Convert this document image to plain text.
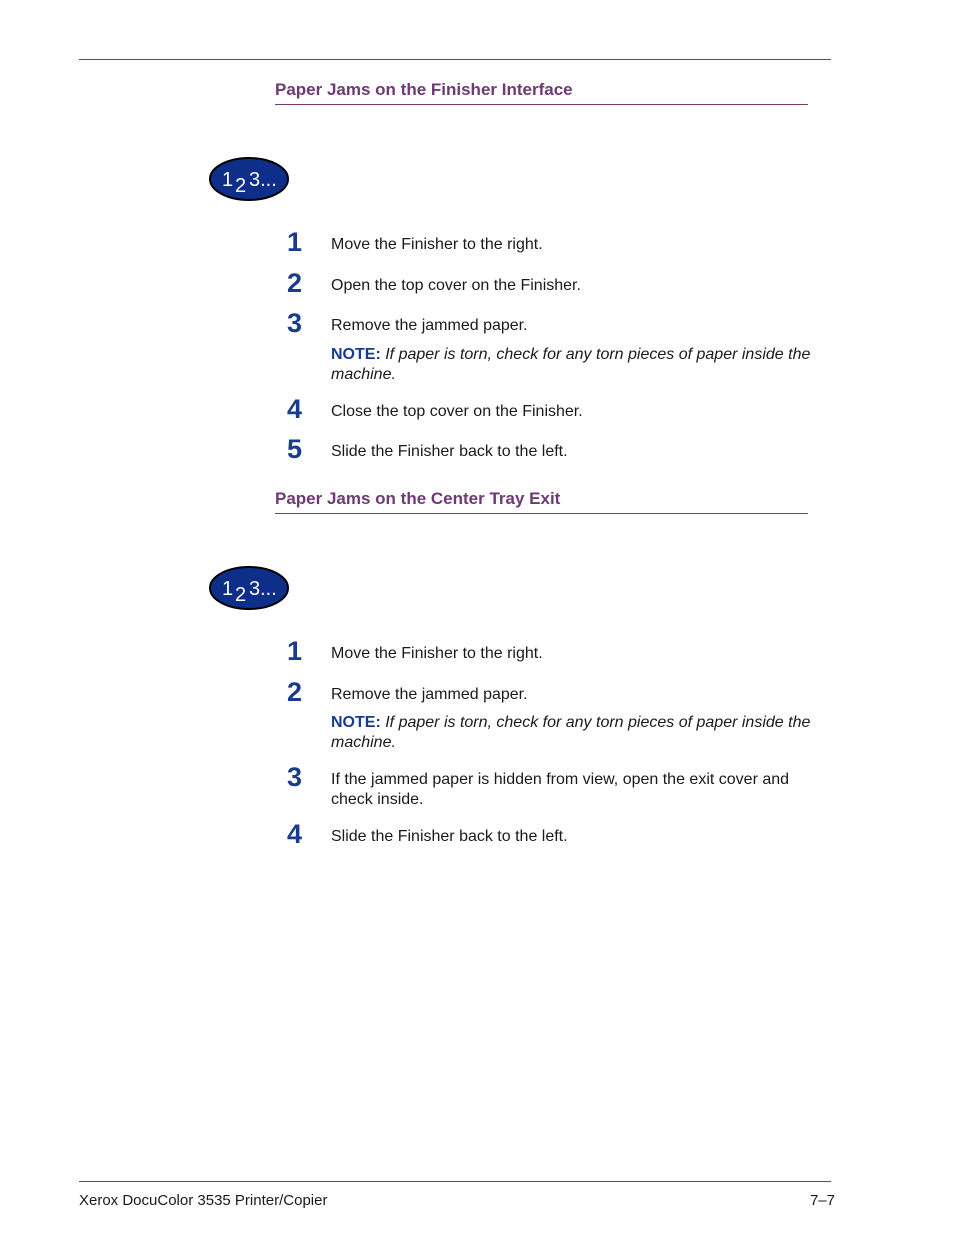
Paper Jams on the Finisher Interface
1 2 3...
1	Move the Finisher to the right.
2	Open the top cover on the Finisher.
3	Remove the jammed paper.
NOTE: If paper is torn, check for any torn pieces of paper inside the machine.
4	Close the top cover on the Finisher.
5	Slide the Finisher back to the left.
Paper Jams on the Center Tray Exit
1 2 3...
1	Move the Finisher to the right.
2	Remove the jammed paper.
NOTE: If paper is torn, check for any torn pieces of paper inside the machine.
3	If the jammed paper is hidden from view, open the exit cover and check inside.
4	Slide the Finisher back to the left.
Xerox DocuColor 3535 Printer/Copier	7–7
